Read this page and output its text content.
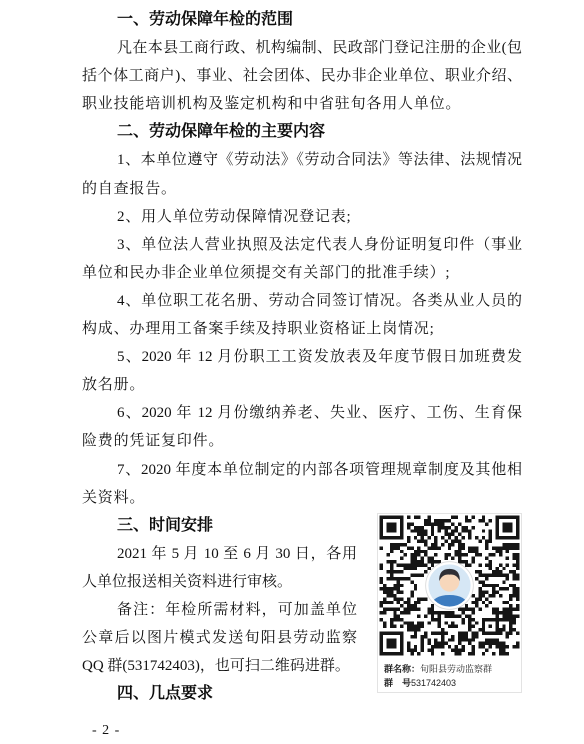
一、劳动保障年检的范围
凡在本县工商行政、机构编制、民政部门登记注册的企业(包
括个体工商户)、事业、社会团体、民办非企业单位、职业介绍、
职业技能培训机构及鉴定机构和中省驻旬各用人单位。
二、劳动保障年检的主要内容
1、本单位遵守《劳动法》《劳动合同法》等法律、法规情况
的自查报告。
2、用人单位劳动保障情况登记表;
3、单位法人营业执照及法定代表人身份证明复印件（事业
单位和民办非企业单位须提交有关部门的批准手续）;
4、单位职工花名册、劳动合同签订情况。各类从业人员的
构成、办理用工备案手续及持职业资格证上岗情况;
5、2020 年 12 月份职工工资发放表及年度节假日加班费发
放名册。
6、2020 年 12 月份缴纳养老、失业、医疗、工伤、生育保
险费的凭证复印件。
7、2020 年度本单位制定的内部各项管理规章制度及其他相
关资料。
三、时间安排
2021 年 5 月 10 至 6 月 30 日，各用
人单位报送相关资料进行审核。
备注：年检所需材料，可加盖单位
公章后以图片模式发送旬阳县劳动监察
QQ 群(531742403)，也可扫二维码进群。
四、几点要求
群名称：旬阳县劳动监察群
群　号531742403
- 2 -
